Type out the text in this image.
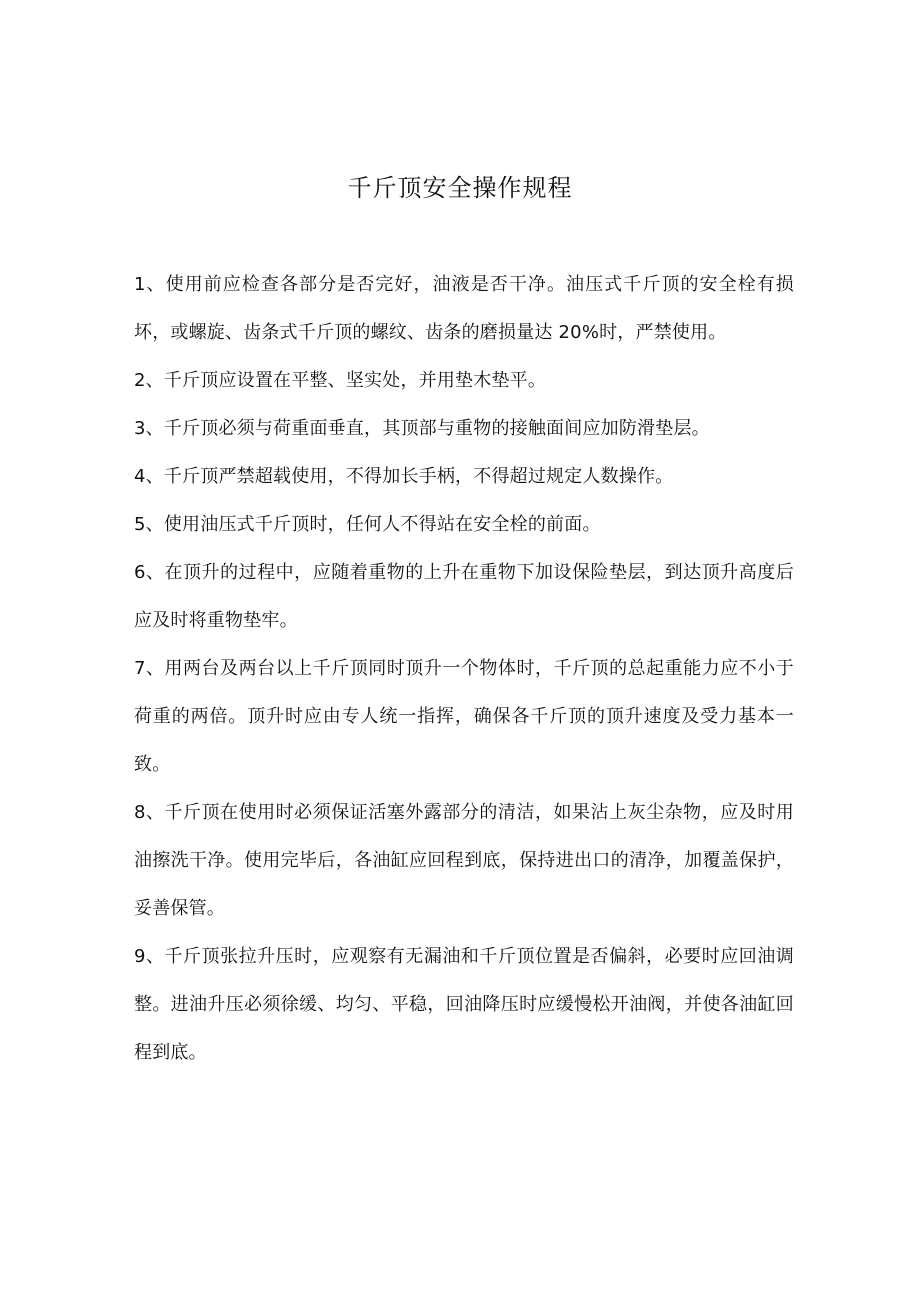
千斤顶安全操作规程
1、使用前应检查各部分是否完好，油液是否干净。油压式千斤顶的安全栓有损坏，或螺旋、齿条式千斤顶的螺纹、齿条的磨损量达 20%时，严禁使用。
2、千斤顶应设置在平整、坚实处，并用垫木垫平。
3、千斤顶必须与荷重面垂直，其顶部与重物的接触面间应加防滑垫层。
4、千斤顶严禁超载使用，不得加长手柄，不得超过规定人数操作。
5、使用油压式千斤顶时，任何人不得站在安全栓的前面。
6、在顶升的过程中，应随着重物的上升在重物下加设保险垫层，到达顶升高度后应及时将重物垫牢。
7、用两台及两台以上千斤顶同时顶升一个物体时，千斤顶的总起重能力应不小于荷重的两倍。顶升时应由专人统一指挥，确保各千斤顶的顶升速度及受力基本一致。
8、千斤顶在使用时必须保证活塞外露部分的清洁，如果沾上灰尘杂物，应及时用油擦洗干净。使用完毕后，各油缸应回程到底，保持进出口的清净，加覆盖保护，妥善保管。
9、千斤顶张拉升压时，应观察有无漏油和千斤顶位置是否偏斜，必要时应回油调整。进油升压必须徐缓、均匀、平稳，回油降压时应缓慢松开油阀，并使各油缸回程到底。
